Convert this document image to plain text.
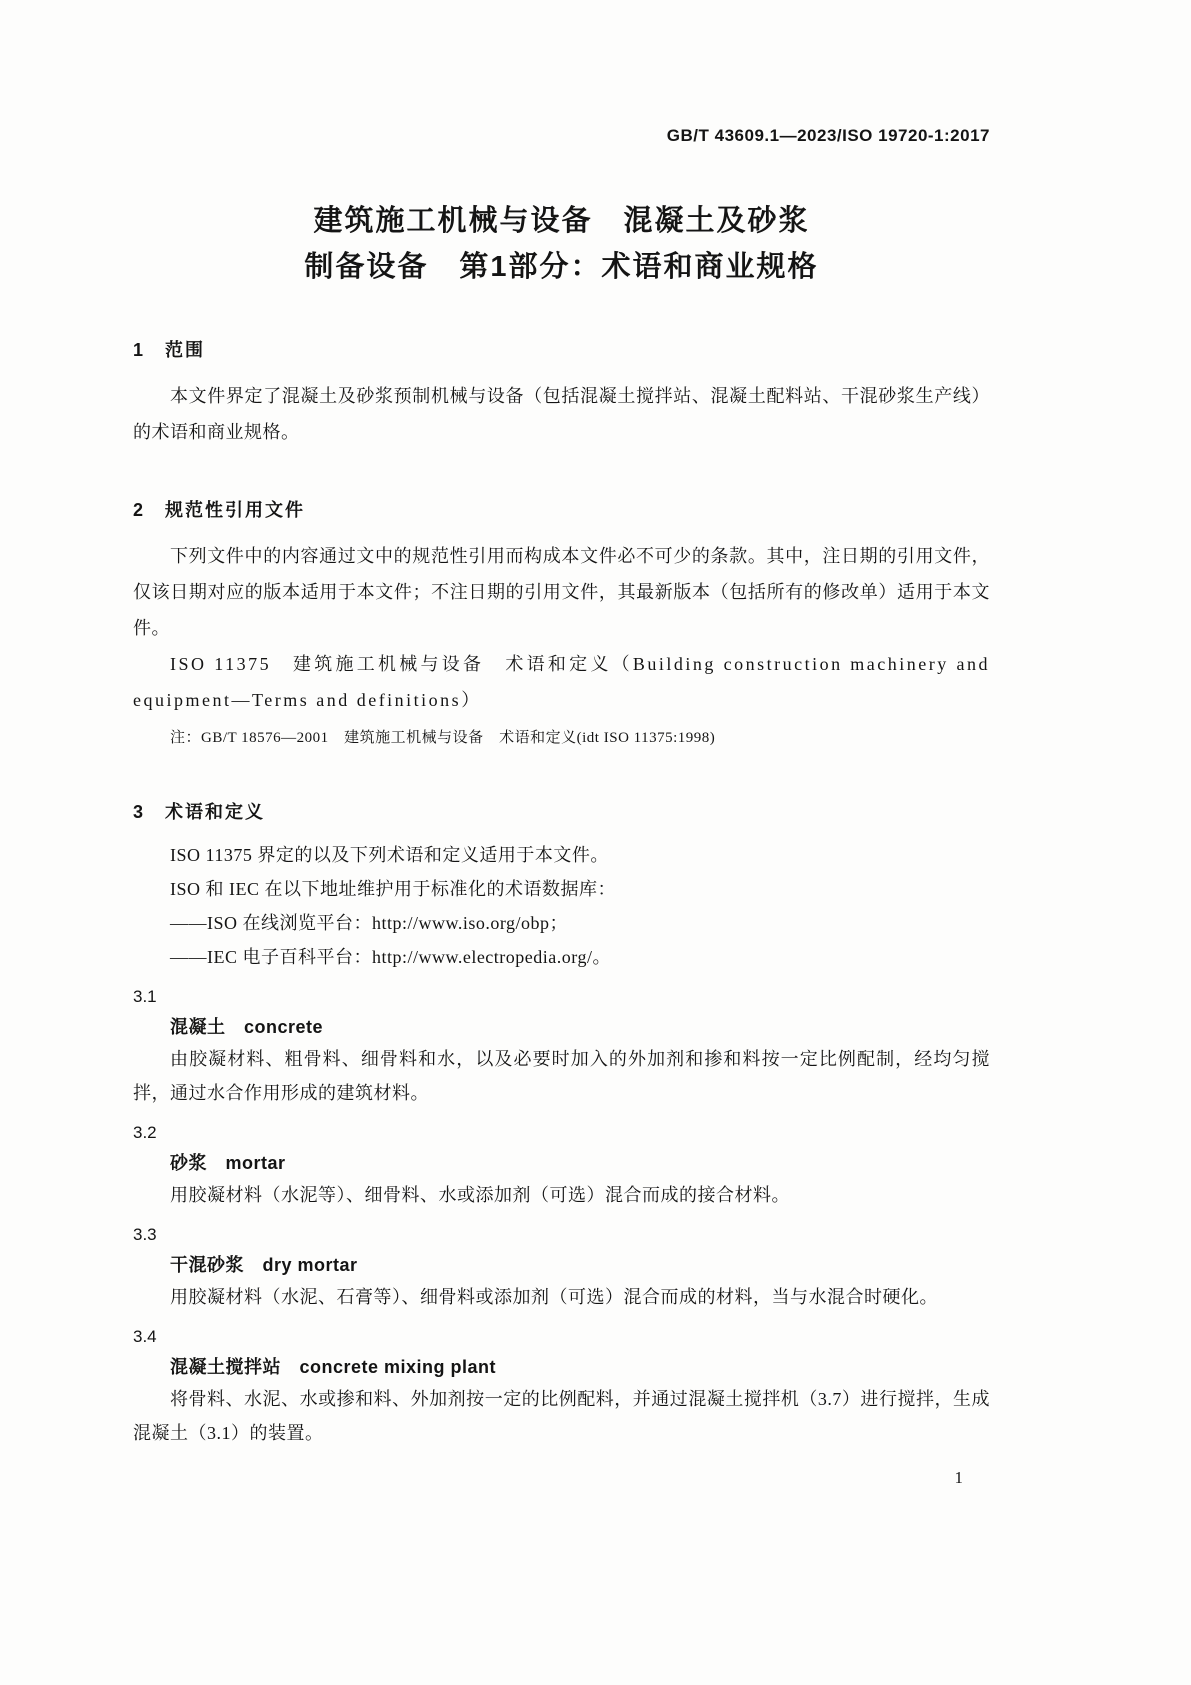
GB/T 43609.1—2023/ISO 19720-1:2017
建筑施工机械与设备　混凝土及砂浆
制备设备　第1部分：术语和商业规格
1　范围

本文件界定了混凝土及砂浆预制机械与设备（包括混凝土搅拌站、混凝土配料站、干混砂浆生产线）的术语和商业规格。

2　规范性引用文件

下列文件中的内容通过文中的规范性引用而构成本文件必不可少的条款。其中，注日期的引用文件，仅该日期对应的版本适用于本文件；不注日期的引用文件，其最新版本（包括所有的修改单）适用于本文件。

ISO 11375　建筑施工机械与设备　术语和定义（Building construction machinery and equipment—Terms and definitions）

注：GB/T 18576—2001　建筑施工机械与设备　术语和定义(idt ISO 11375:1998)

3　术语和定义

ISO 11375 界定的以及下列术语和定义适用于本文件。

ISO 和 IEC 在以下地址维护用于标准化的术语数据库：

——ISO 在线浏览平台：http://www.iso.org/obp；

——IEC 电子百科平台：http://www.electropedia.org/。

3.1
混凝土　concrete

由胶凝材料、粗骨料、细骨料和水，以及必要时加入的外加剂和掺和料按一定比例配制，经均匀搅拌，通过水合作用形成的建筑材料。

3.2
砂浆　mortar

用胶凝材料（水泥等）、细骨料、水或添加剂（可选）混合而成的接合材料。

3.3
干混砂浆　dry mortar

用胶凝材料（水泥、石膏等）、细骨料或添加剂（可选）混合而成的材料，当与水混合时硬化。

3.4
混凝土搅拌站　concrete mixing plant

将骨料、水泥、水或掺和料、外加剂按一定的比例配料，并通过混凝土搅拌机（3.7）进行搅拌，生成混凝土（3.1）的装置。

1
